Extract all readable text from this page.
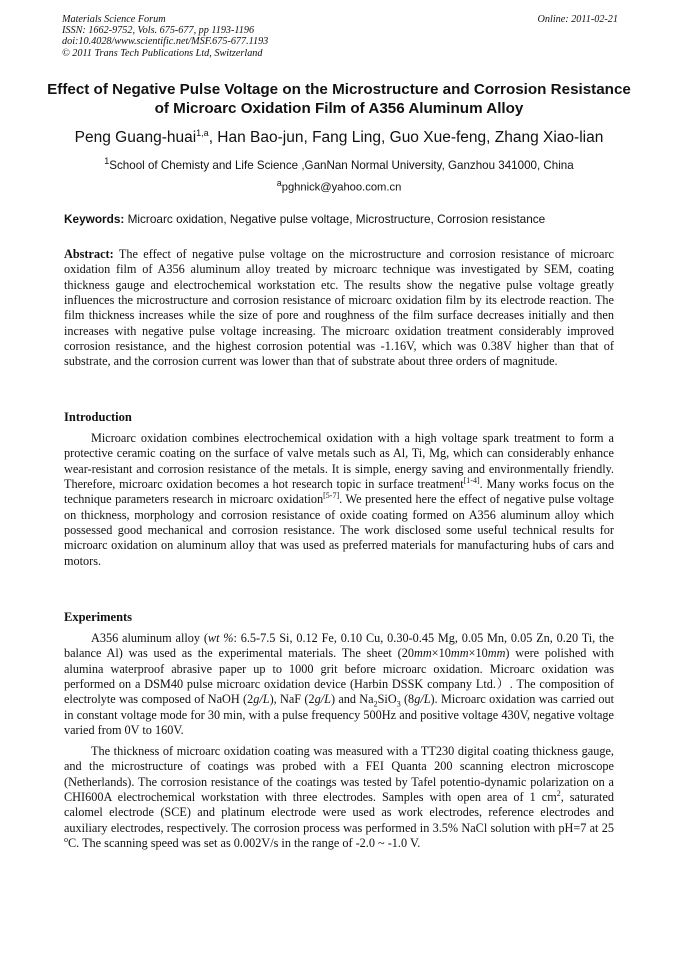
Materials Science Forum
ISSN: 1662-9752, Vols. 675-677, pp 1193-1196
doi:10.4028/www.scientific.net/MSF.675-677.1193
© 2011 Trans Tech Publications Ltd, Switzerland
Online: 2011-02-21
Effect of Negative Pulse Voltage on the Microstructure and Corrosion Resistance of Microarc Oxidation Film of A356 Aluminum Alloy
Peng Guang-huai$^{1,a}$, Han Bao-jun, Fang Ling, Guo Xue-feng, Zhang Xiao-lian
$^1$School of Chemisty and Life Science ,GanNan Normal University, Ganzhou 341000, China
$^a$pghnick@yahoo.com.cn
Keywords: Microarc oxidation, Negative pulse voltage, Microstructure, Corrosion resistance
Abstract: The effect of negative pulse voltage on the microstructure and corrosion resistance of microarc oxidation film of A356 aluminum alloy treated by microarc technique was investigated by SEM, coating thickness gauge and electrochemical workstation etc. The results show the negative pulse voltage greatly influences the microstructure and corrosion resistance of microarc oxidation film by its electrode reaction. The film thickness increases while the size of pore and roughness of the film surface decreases initially and then increases with negative pulse voltage increasing. The microarc oxidation treatment considerably improved corrosion resistance, and the highest corrosion potential was -1.16V, which was 0.38V higher than that of substrate, and the corrosion current was lower than that of substrate about three orders of magnitude.
Introduction
Microarc oxidation combines electrochemical oxidation with a high voltage spark treatment to form a protective ceramic coating on the surface of valve metals such as Al, Ti, Mg, which can considerably enhance wear-resistant and corrosion resistance of the metals. It is simple, energy saving and environmentally friendly. Therefore, microarc oxidation becomes a hot research topic in surface treatment[1-4]. Many works focus on the technique parameters research in microarc oxidation[5-7]. We presented here the effect of negative pulse voltage on thickness, morphology and corrosion resistance of oxide coating formed on A356 aluminum alloy which possessed good mechanical and corrosion resistance. The work disclosed some useful technical results for microarc oxidation on aluminum alloy that was used as preferred materials for manufacturing hubs of cars and motors.
Experiments
A356 aluminum alloy (wt %: 6.5-7.5 Si, 0.12 Fe, 0.10 Cu, 0.30-0.45 Mg, 0.05 Mn, 0.05 Zn, 0.20 Ti, the balance Al) was used as the experimental materials. The sheet (20mm×10mm×10mm) were polished with alumina waterproof abrasive paper up to 1000 grit before microarc oxidation. Microarc oxidation was performed on a DSM40 pulse microarc oxidation device (Harbin DSSK company Ltd.）. The composition of electrolyte was composed of NaOH (2g/L), NaF (2g/L) and $Na_2SiO_3$ (8g/L). Microarc oxidation was carried out in constant voltage mode for 30 min, with a pulse frequency 500Hz and positive voltage 430V, negative voltage varied from 0V to 160V.
The thickness of microarc oxidation coating was measured with a TT230 digital coating thickness gauge, and the microstructure of coatings was probed with a FEI Quanta 200 scanning electron microscope (Netherlands). The corrosion resistance of the coatings was tested by Tafel potentio-dynamic polarization on a CHI600A electrochemical workstation with three electrodes. Samples with open area of 1 $cm^2$, saturated calomel electrode (SCE) and platinum electrode were used as work electrodes, reference electrodes and auxiliary electrodes, respectively. The corrosion process was performed in 3.5% NaCl solution with pH=7 at 25 $^o$C. The scanning speed was set as 0.002V/s in the range of -2.0 ~ -1.0 V.
